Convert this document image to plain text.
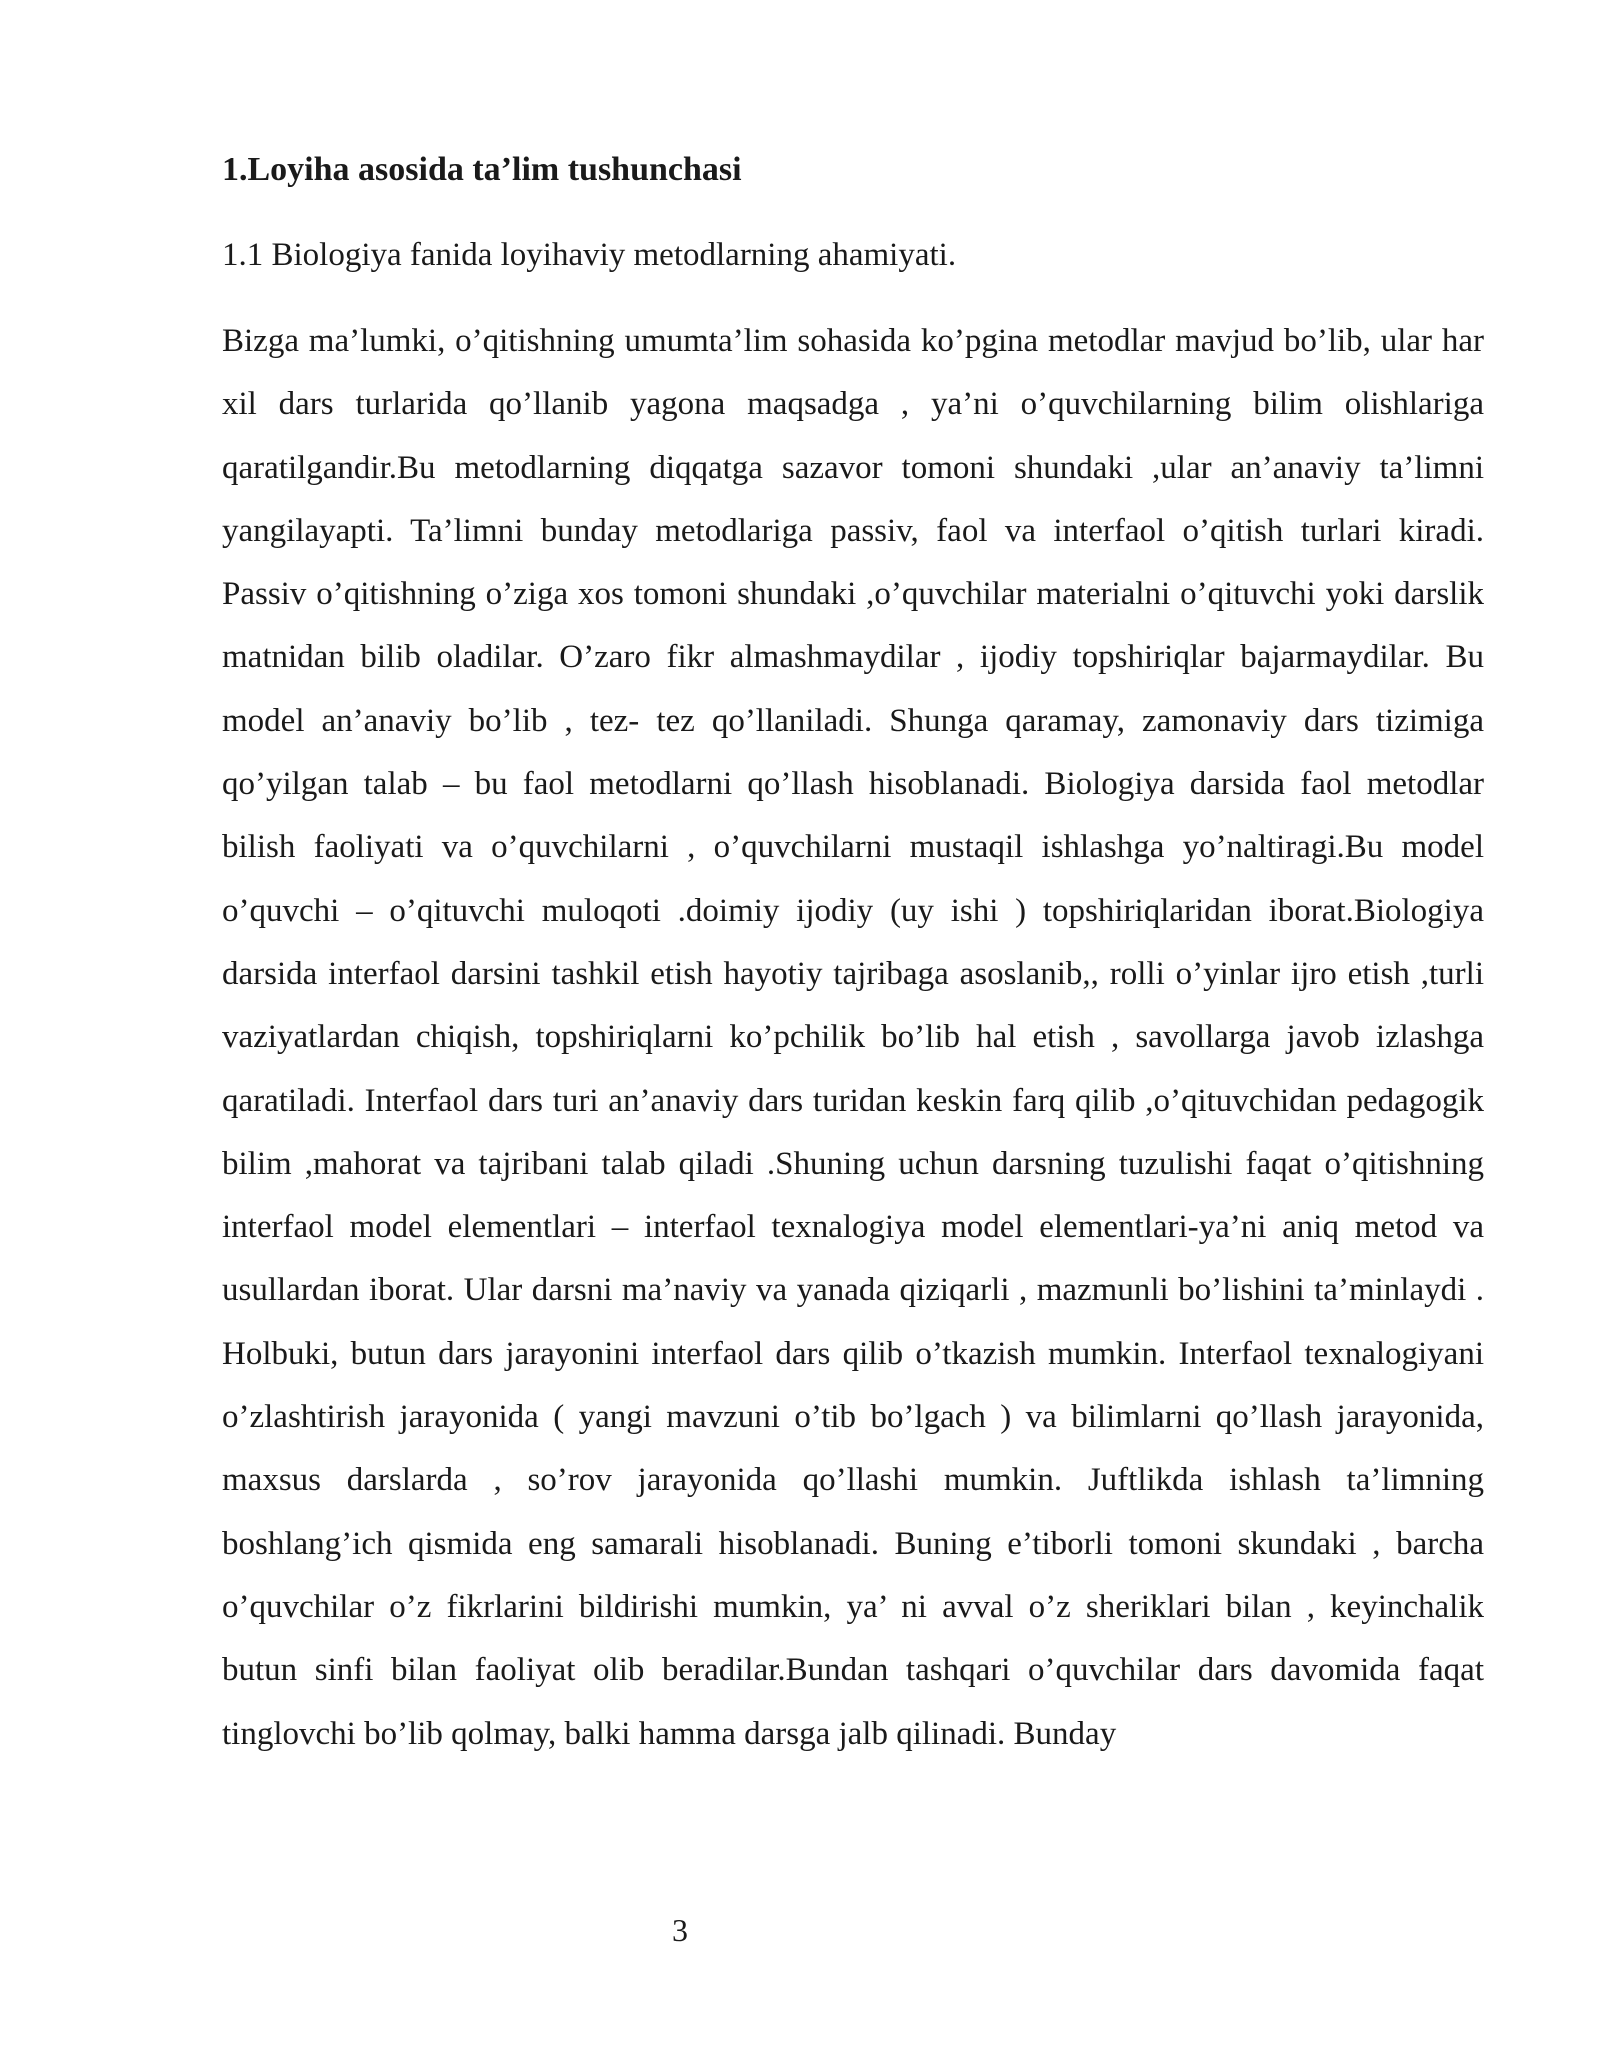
1.Loyiha asosida ta’lim tushunchasi
1.1 Biologiya fanida loyihaviy metodlarning ahamiyati.

Bizga ma’lumki, o’qitishning umumta’lim sohasida ko’pgina metodlar mavjud bo’lib, ular har xil dars turlarida qo’llanib yagona maqsadga , ya’ni o’quvchilarning bilim olishlariga qaratilgandir.Bu metodlarning diqqatga sazavor tomoni shundaki ,ular an’anaviy ta’limni yangilayapti. Ta’limni bunday metodlariga passiv, faol va interfaol o’qitish turlari kiradi. Passiv o’qitishning o’ziga xos tomoni shundaki ,o’quvchilar materialni o’qituvchi yoki darslik matnidan bilib oladilar. O’zaro fikr almashmaydilar , ijodiy topshiriqlar bajarmaydilar. Bu model an’anaviy bo’lib , tez- tez qo’llaniladi. Shunga qaramay, zamonaviy dars tizimiga qo’yilgan talab – bu faol metodlarni qo’llash hisoblanadi. Biologiya darsida faol metodlar bilish faoliyati va o’quvchilarni , o’quvchilarni mustaqil ishlashga yo’naltiragi.Bu model o’quvchi – o’qituvchi muloqoti .doimiy ijodiy (uy ishi ) topshiriqlaridan iborat.Biologiya darsida interfaol darsini tashkil etish hayotiy tajribaga asoslanib,, rolli o’yinlar ijro etish ,turli vaziyatlardan chiqish, topshiriqlarni ko’pchilik bo’lib hal etish , savollarga javob izlashga qaratiladi. Interfaol dars turi an’anaviy dars turidan keskin farq qilib ,o’qituvchidan pedagogik bilim ,mahorat va tajribani talab qiladi .Shuning uchun darsning tuzulishi faqat o’qitishning interfaol model elementlari – interfaol texnalogiya model elementlari-ya’ni aniq metod va usullardan iborat. Ular darsni ma’naviy va yanada qiziqarli , mazmunli bo’lishini ta’minlaydi . Holbuki, butun dars jarayonini interfaol dars qilib o’tkazish mumkin. Interfaol texnalogiyani o’zlashtirish jarayonida ( yangi mavzuni o’tib bo’lgach ) va bilimlarni qo’llash jarayonida, maxsus darslarda , so’rov jarayonida qo’llashi mumkin. Juftlikda ishlash ta’limning boshlang’ich qismida eng samarali hisoblanadi. Buning e’tiborli tomoni skundaki , barcha o’quvchilar o’z fikrlarini bildirishi mumkin, ya’ ni avval o’z sheriklari bilan , keyinchalik butun sinfi bilan faoliyat olib beradilar.Bundan tashqari o’quvchilar dars davomida faqat tinglovchi bo’lib qolmay, balki hamma darsga jalb qilinadi. Bunday

3
